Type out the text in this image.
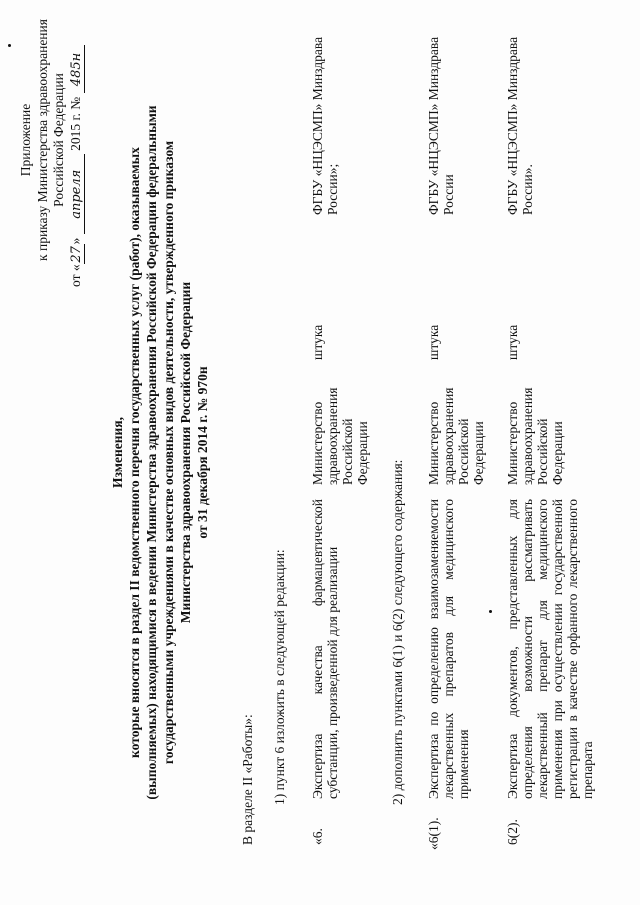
Приложение к приказу Министерства здравоохранения Российской Федерации
от «27» апреля 2015 г. № 485н
Изменения, которые вносятся в раздел II ведомственного перечня государственных услуг (работ), оказываемых (выполняемых) находящимися в ведении Министерства здравоохранения Российской Федерации федеральными государственными учреждениями в качестве основных видов деятельности, утвержденного приказом Министерства здравоохранения Российской Федерации от 31 декабря 2014 г. № 970н
В разделе II «Работы»: 1) пункт 6 изложить в следующей редакции:
«6.
Экспертиза качества фармацевтической субстанции, произведенной для реализации
Министерство здравоохранения Российской Федерации
штука
ФГБУ «НЦЭСМП» Минздрава России»;
2) дополнить пунктами 6(1) и 6(2) следующего содержания:
«6(1).
Экспертиза по определению взаимозаменяемости лекарственных препаратов для медицинского применения
Министерство здравоохранения Российской Федерации
штука
ФГБУ «НЦЭСМП» Минздрава России
6(2).
Экспертиза документов, представленных для определения возможности рассматривать лекарственный препарат для медицинского применения при осуществлении государственной регистрации в качестве орфанного лекарственного препарата
Министерство здравоохранения Российской Федерации
штука
ФГБУ «НЦЭСМП» Минздрава России».
